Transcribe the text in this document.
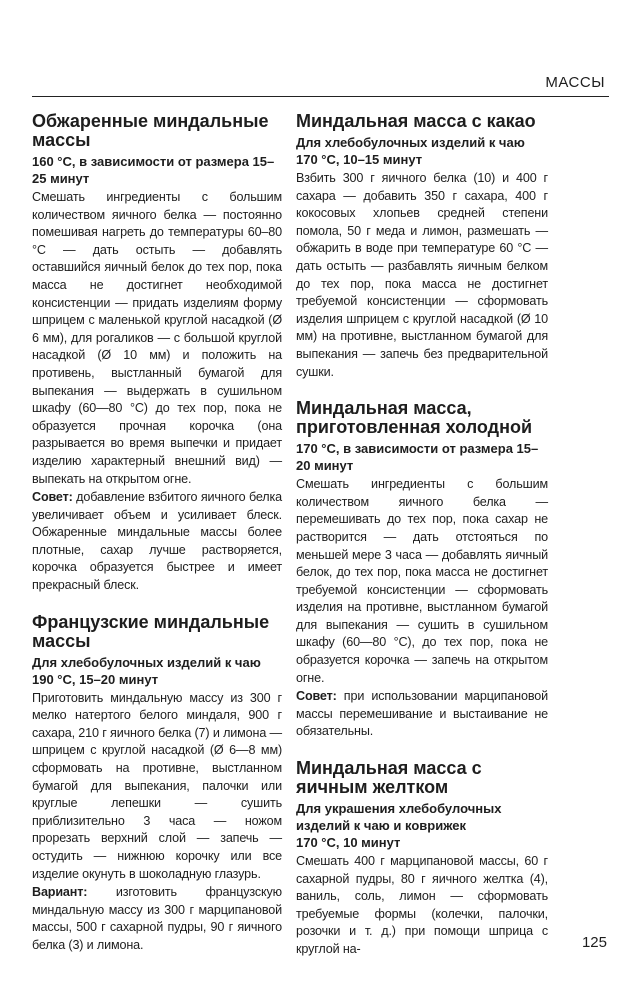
МАССЫ
Обжаренные миндальные массы

160 °С, в зависимости от размера 15–25 минут

Смешать ингредиенты с большим количеством яичного белка — постоянно помешивая нагреть до температуры 60–80 °С — дать остыть — добавлять оставшийся яичный белок до тех пор, пока масса не достигнет необходимой консистенции — придать изделиям форму шприцем с маленькой круглой насадкой (Ø 6 мм), для рогаликов — с большой круглой насадкой (Ø 10 мм) и положить на противень, выстланный бумагой для выпекания — выдержать в сушильном шкафу (60—80 °С) до тех пор, пока не образуется прочная корочка (она разрывается во время выпечки и придает изделию характерный внешний вид) — выпекать на открытом огне.

Совет: добавление взбитого яичного белка увеличивает объем и усиливает блеск. Обжаренные миндальные массы более плотные, сахар лучше растворяется, корочка образуется быстрее и имеет прекрасный блеск.

Французские миндальные массы

Для хлебобулочных изделий к чаю

190 °С, 15–20 минут

Приготовить миндальную массу из 300 г мелко натертого белого миндаля, 900 г сахара, 210 г яичного белка (7) и лимона — шприцем с круглой насадкой (Ø 6—8 мм) сформовать на противне, выстланном бумагой для выпекания, палочки или круглые лепешки — сушить приблизительно 3 часа — ножом прорезать верхний слой — запечь — остудить — нижнюю корочку или все изделие окунуть в шоколадную глазурь.

Вариант: изготовить французскую миндальную массу из 300 г марципановой массы, 500 г сахарной пудры, 90 г яичного белка (3) и лимона.

Миндальная масса с какао

Для хлебобулочных изделий к чаю

170 °С, 10–15 минут

Взбить 300 г яичного белка (10) и 400 г сахара — добавить 350 г сахара, 400 г кокосовых хлопьев средней степени помола, 50 г меда и лимон, размешать — обжарить в воде при температуре 60 °С — дать остыть — разбавлять яичным белком до тех пор, пока масса не достигнет требуемой консистенции — сформовать изделия шприцем с круглой насадкой (Ø 10 мм) на противне, выстланном бумагой для выпекания — запечь без предварительной сушки.

Миндальная масса, приготовленная холодной

170 °С, в зависимости от размера 15–20 минут

Смешать ингредиенты с большим количеством яичного белка — перемешивать до тех пор, пока сахар не растворится — дать отстояться по меньшей мере 3 часа — добавлять яичный белок, до тех пор, пока масса не достигнет требуемой консистенции — сформовать изделия на противне, выстланном бумагой для выпекания — сушить в сушильном шкафу (60—80 °С), до тех пор, пока не образуется корочка — запечь на открытом огне.

Совет: при использовании марципановой массы перемешивание и выстаивание не обязательны.

Миндальная масса с яичным желтком

Для украшения хлебобулочных изделий к чаю и коврижек

170 °С, 10 минут

Смешать 400 г марципановой массы, 60 г сахарной пудры, 80 г яичного желтка (4), ваниль, соль, лимон — сформовать требуемые формы (колечки, палочки, розочки и т. д.) при помощи шприца с круглой на-	125
